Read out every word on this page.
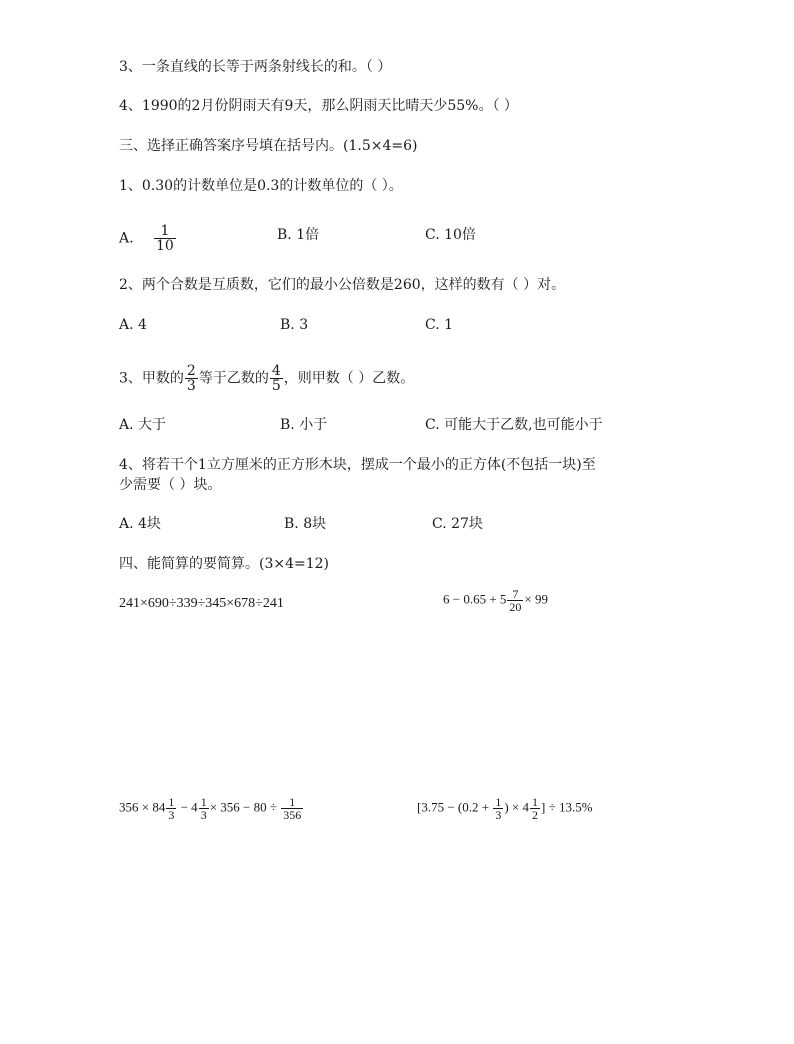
3、一条直线的长等于两条射线长的和。（ ）
4、1990的2月份阴雨天有9天，那么阴雨天比晴天少55%。（ ）
三、选择正确答案序号填在括号内。(1.5×4=6)
1、0.30的计数单位是0.3的计数单位的（ ）。
A. $\frac{1}{10}$	B. 1倍	C. 10倍
2、两个合数是互质数，它们的最小公倍数是260，这样的数有（ ）对。
A. 4	B. 3	C. 1
3、甲数的 $\frac{2}{3}$ 等于乙数的 $\frac{4}{5}$ ，则甲数（ ）乙数。
A. 大于	B. 小于	C. 可能大于乙数,也可能小于
4、将若干个1立方厘米的正方形木块，摆成一个最小的正方体(不包括一块)至
少需要（ ）块。
A. 4块	B. 8块	C. 27块
四、能简算的要简算。(3×4=12)
241×690÷339÷345×678÷241	$6 - 0.65 + 5 \frac{7}{20} \times 99$
$356 \times 84 \frac{1}{3} - 4 \frac{1}{3} \times 356 - 80 \div \frac{1}{356}$	[$3.75 - (0.2 + \frac{1}{3}$ ) × $4 \frac{1}{2}$ ] ÷ 13.5%
